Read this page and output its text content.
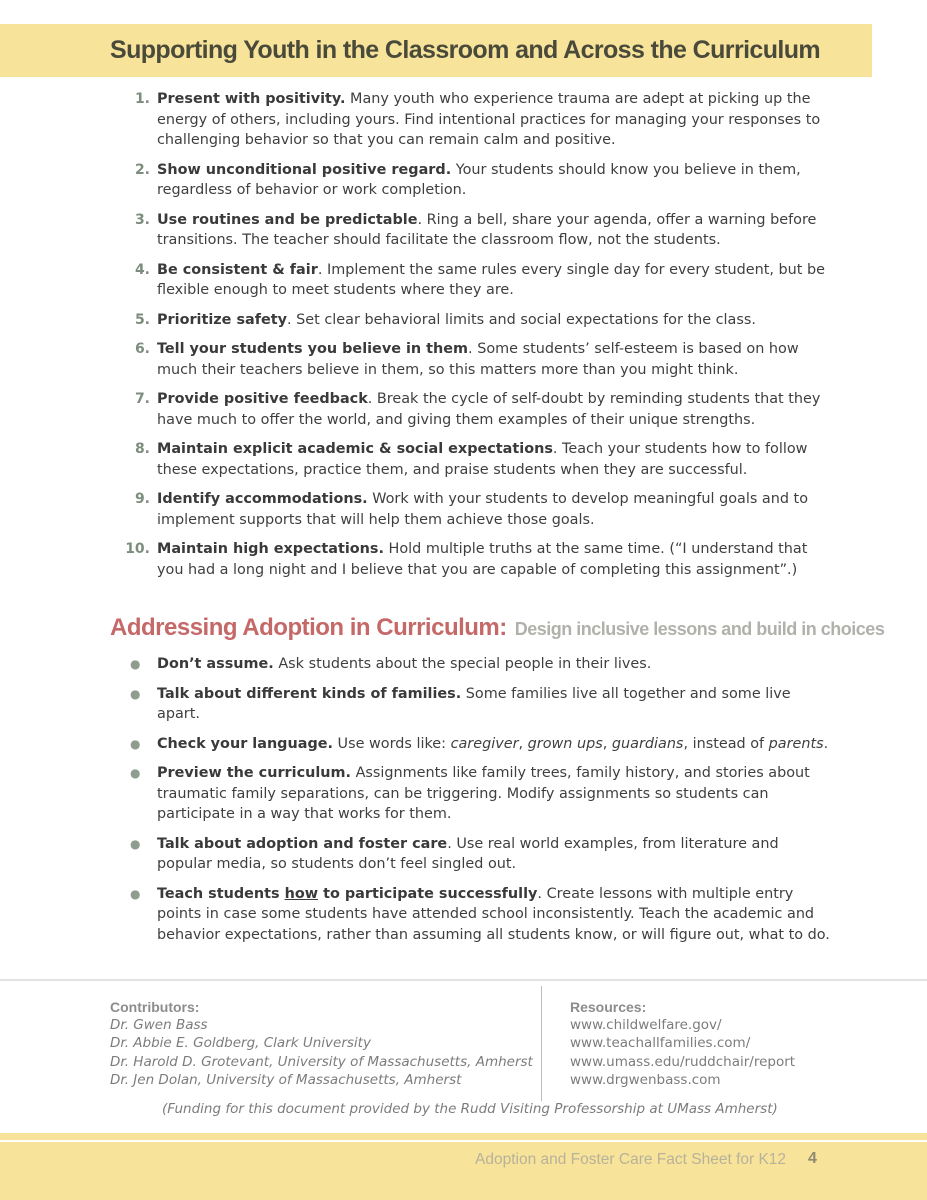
Supporting Youth in the Classroom and Across the Curriculum
1. Present with positivity. Many youth who experience trauma are adept at picking up the energy of others, including yours. Find intentional practices for managing your responses to challenging behavior so that you can remain calm and positive.
2. Show unconditional positive regard. Your students should know you believe in them, regardless of behavior or work completion.
3. Use routines and be predictable. Ring a bell, share your agenda, offer a warning before transitions. The teacher should facilitate the classroom flow, not the students.
4. Be consistent & fair. Implement the same rules every single day for every student, but be flexible enough to meet students where they are.
5. Prioritize safety. Set clear behavioral limits and social expectations for the class.
6. Tell your students you believe in them. Some students’ self-esteem is based on how much their teachers believe in them, so this matters more than you might think.
7. Provide positive feedback. Break the cycle of self-doubt by reminding students that they have much to offer the world, and giving them examples of their unique strengths.
8. Maintain explicit academic & social expectations. Teach your students how to follow these expectations, practice them, and praise students when they are successful.
9. Identify accommodations. Work with your students to develop meaningful goals and to implement supports that will help them achieve those goals.
10. Maintain high expectations. Hold multiple truths at the same time. (“I understand that you had a long night and I believe that you are capable of completing this assignment”.)
Addressing Adoption in Curriculum: Design inclusive lessons and build in choices
● Don’t assume. Ask students about the special people in their lives.
● Talk about different kinds of families. Some families live all together and some live apart.
● Check your language. Use words like: caregiver, grown ups, guardians, instead of parents.
● Preview the curriculum. Assignments like family trees, family history, and stories about traumatic family separations, can be triggering. Modify assignments so students can participate in a way that works for them.
● Talk about adoption and foster care. Use real world examples, from literature and popular media, so students don’t feel singled out.
● Teach students how to participate successfully. Create lessons with multiple entry points in case some students have attended school inconsistently. Teach the academic and behavior expectations, rather than assuming all students know, or will figure out, what to do.
Contributors:
Dr. Gwen Bass
Dr. Abbie E. Goldberg, Clark University
Dr. Harold D. Grotevant, University of Massachusetts, Amherst
Dr. Jen Dolan, University of Massachusetts, Amherst
Resources:
www.childwelfare.gov/
www.teachallfamilies.com/
www.umass.edu/ruddchair/report
www.drgwenbass.com
(Funding for this document provided by the Rudd Visiting Professorship at UMass Amherst)
Adoption and Foster Care Fact Sheet for K12 4
